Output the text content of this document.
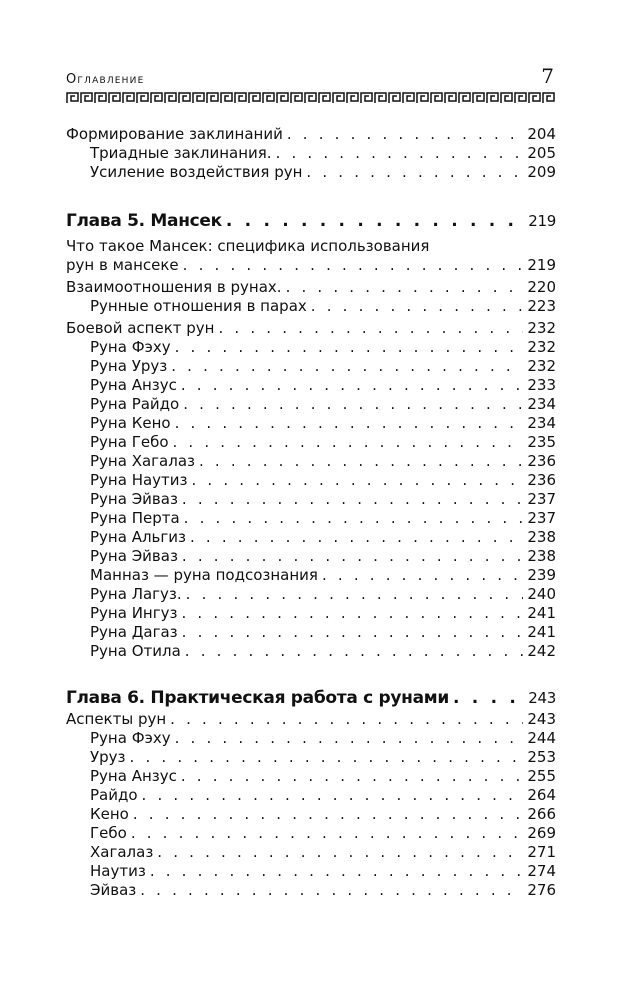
Оглавление	7
Формирование заклинаний . . .	204
Триадные заклинания. . . .	205
Усиление воздействия рун . . .	209
Глава 5. Мансек . . .	219
Что такое Мансек: специфика использования
рун в мансеке . . .	219
Взаимоотношения в рунах. . . .	220
Рунные отношения в парах . . .	223
Боевой аспект рун . . .	232
Руна Фэху . . .	232
Руна Уруз . . .	232
Руна Анзус . . .	233
Руна Райдо . . .	234
Руна Кено . . .	234
Руна Гебо . . .	235
Руна Хагалаз . . .	236
Руна Наутиз . . .	236
Руна Эйваз . . .	237
Руна Перта . . .	237
Руна Альгиз . . .	238
Руна Эйваз . . .	238
Манназ — руна подсознания . . .	239
Руна Лагуз. . . .	240
Руна Ингуз . . .	241
Руна Дагаз . . .	241
Руна Отила . . .	242
Глава 6. Практическая работа с рунами . . .	243
Аспекты рун . . .	243
Руна Фэху . . .	244
Уруз . . .	253
Руна Анзус . . .	255
Райдо . . .	264
Кено . . .	266
Гебо . . .	269
Хагалаз . . .	271
Наутиз . . .	274
Эйваз . . .	276
